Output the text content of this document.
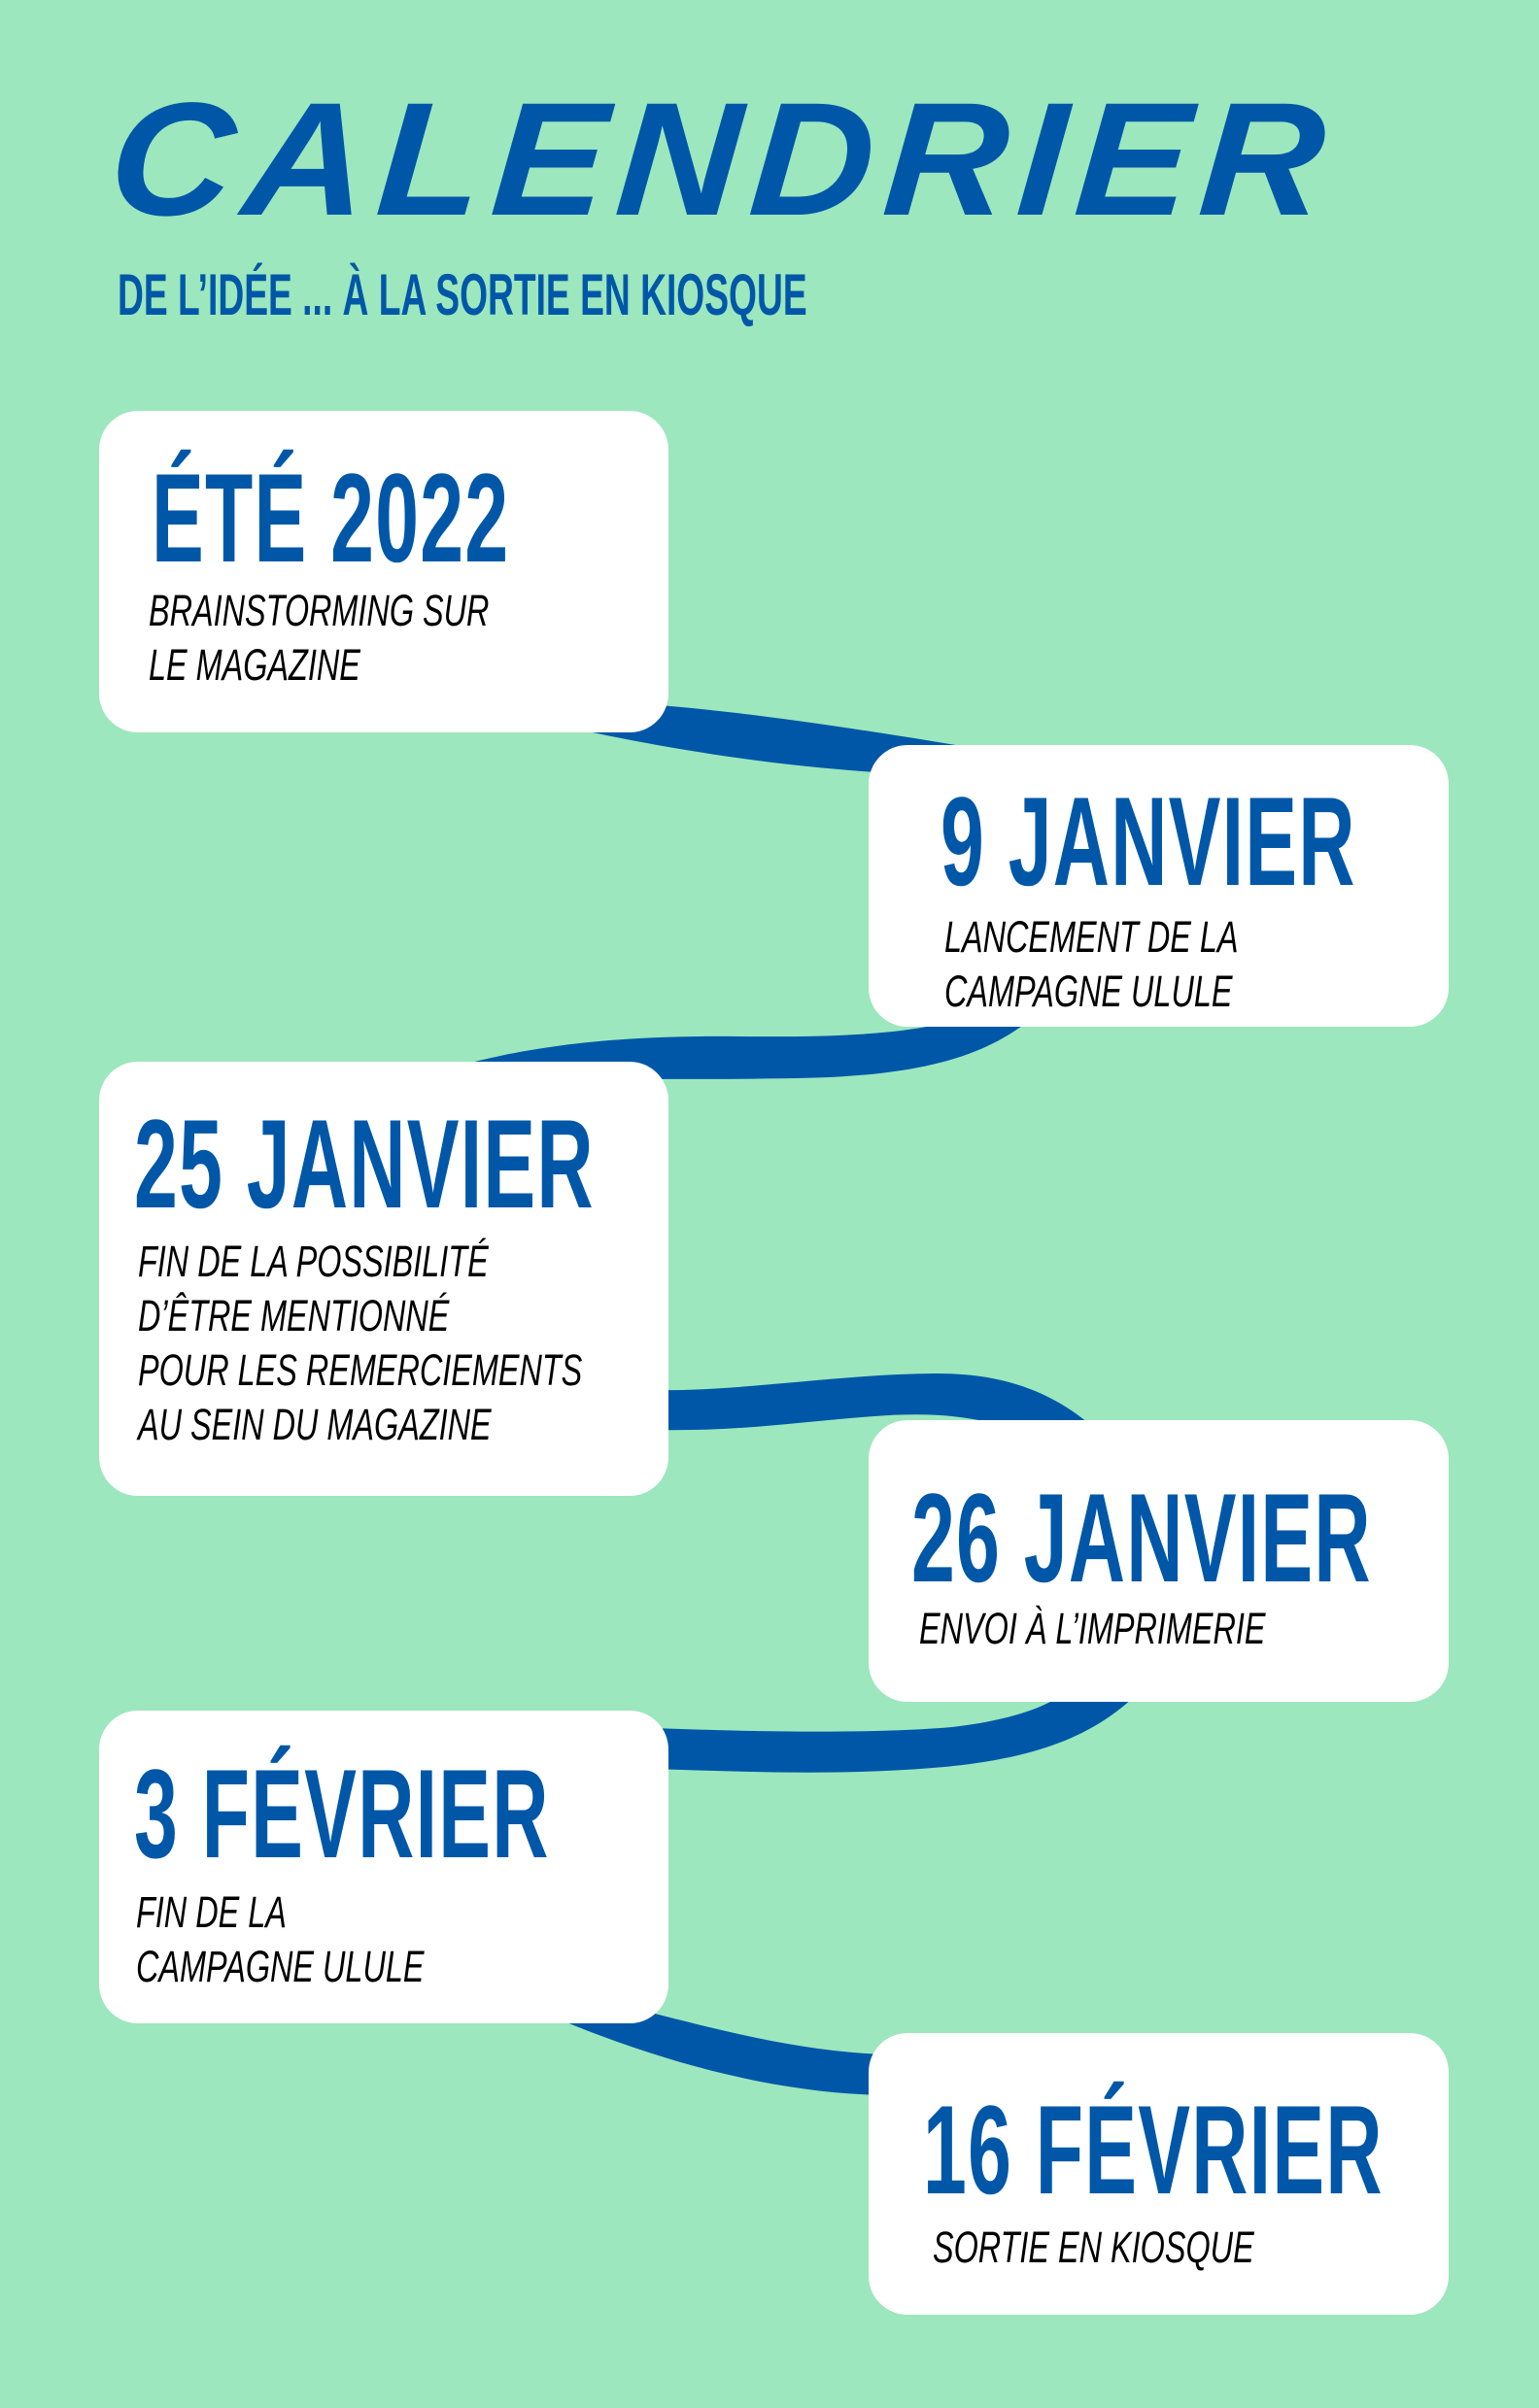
CALENDRIER
DE L’IDÉE ... À LA SORTIE EN KIOSQUE
ÉTÉ 2022
BRAINSTORMING SUR
LE MAGAZINE
9 JANVIER
LANCEMENT DE LA
CAMPAGNE ULULE
25 JANVIER
FIN DE LA POSSIBILITÉ
D’ÊTRE MENTIONNÉ
POUR LES REMERCIEMENTS
AU SEIN DU MAGAZINE
26 JANVIER
ENVOI À L’IMPRIMERIE
3 FÉVRIER
FIN DE LA
CAMPAGNE ULULE
16 FÉVRIER
SORTIE EN KIOSQUE
